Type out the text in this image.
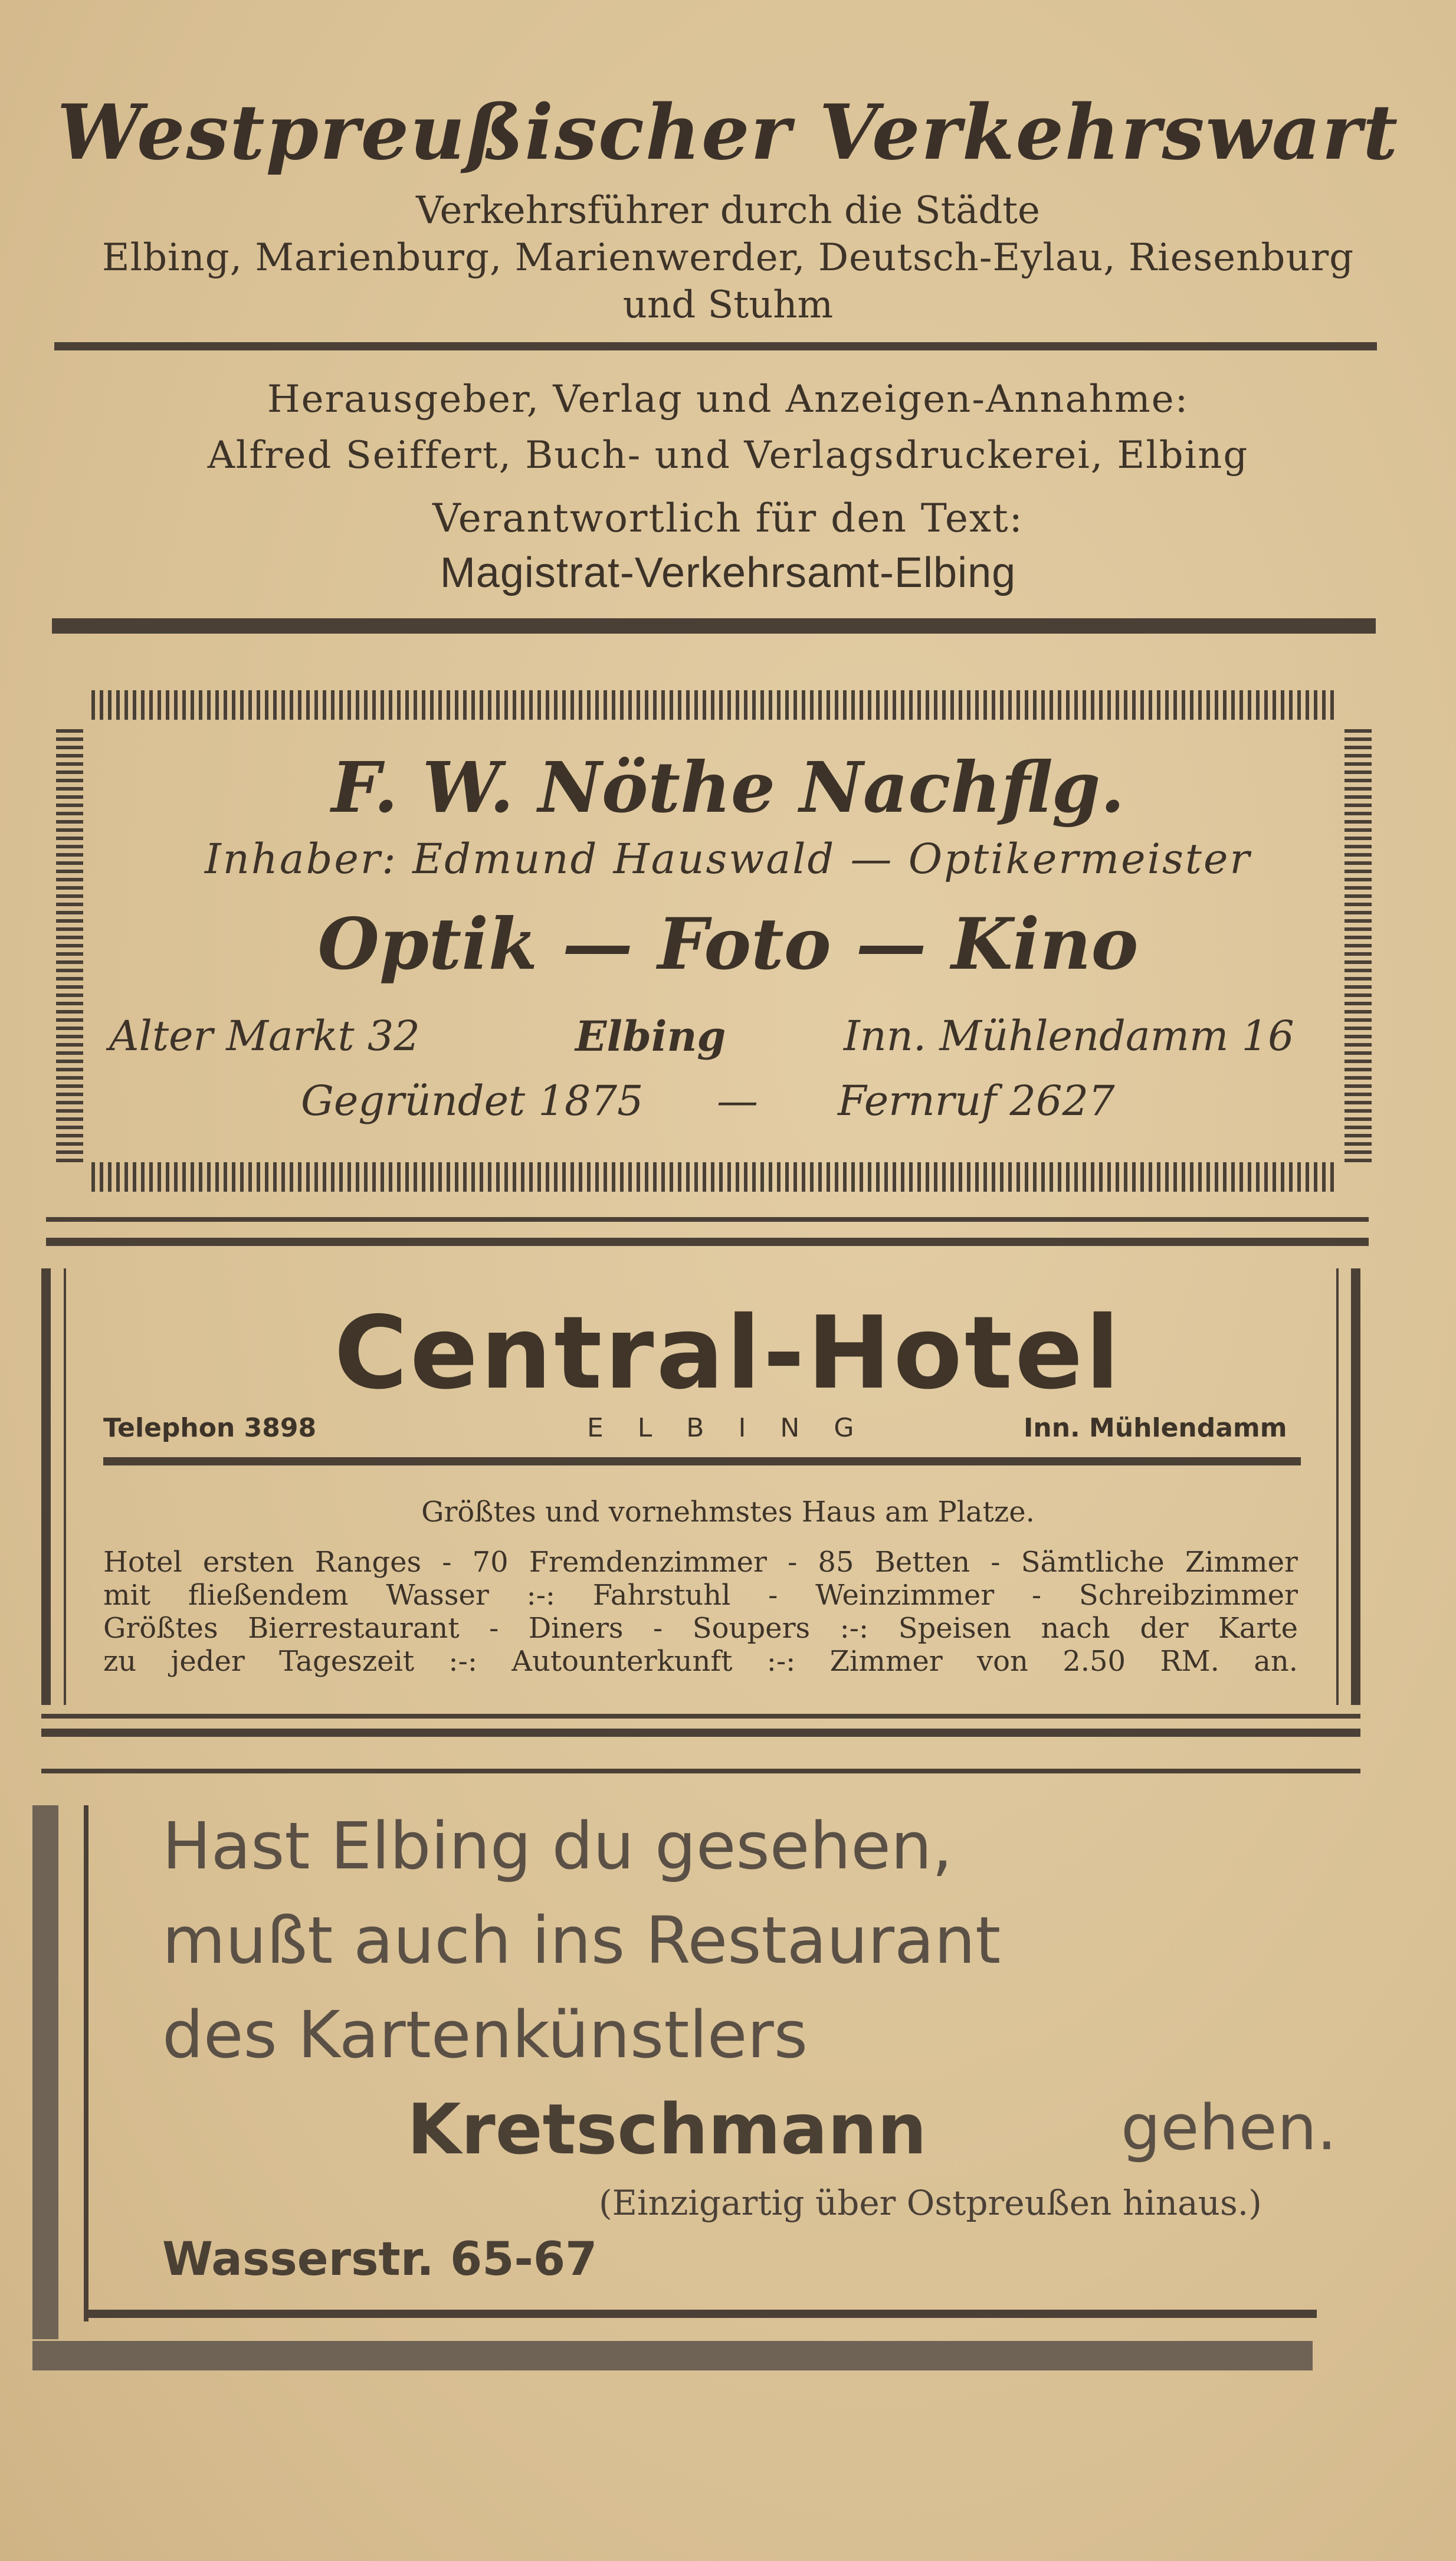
Westpreußischer Verkehrswart
Verkehrsführer durch die Städte
Elbing, Marienburg, Marienwerder, Deutsch-Eylau, Riesenburg
und Stuhm
Herausgeber, Verlag und Anzeigen-Annahme:
Alfred Seiffert, Buch- und Verlagsdruckerei, Elbing
Verantwortlich für den Text:
Magistrat-Verkehrsamt-Elbing
F. W. Nöthe Nachflg.
Inhaber: Edmund Hauswald — Optikermeister
Optik — Foto — Kino
Alter Markt 32	Elbing	Inn. Mühlendamm 16
Gegründet 1875 — Fernruf 2627
Central-Hotel
Telephon 3898	E L B I N G	Inn. Mühlendamm
Größtes und vornehmstes Haus am Platze.
Hotel ersten Ranges - 70 Fremdenzimmer - 85 Betten - Sämtliche Zimmer
mit fließendem Wasser :-: Fahrstuhl - Weinzimmer - Schreibzimmer
Größtes Bierrestaurant - Diners - Soupers :-: Speisen nach der Karte
zu jeder Tageszeit :-: Autounterkunft :-: Zimmer von 2.50 RM. an.
Hast Elbing du gesehen,
mußt auch ins Restaurant
des Kartenkünstlers
Kretschmann	gehen.
(Einzigartig über Ostpreußen hinaus.)
Wasserstr. 65-67
